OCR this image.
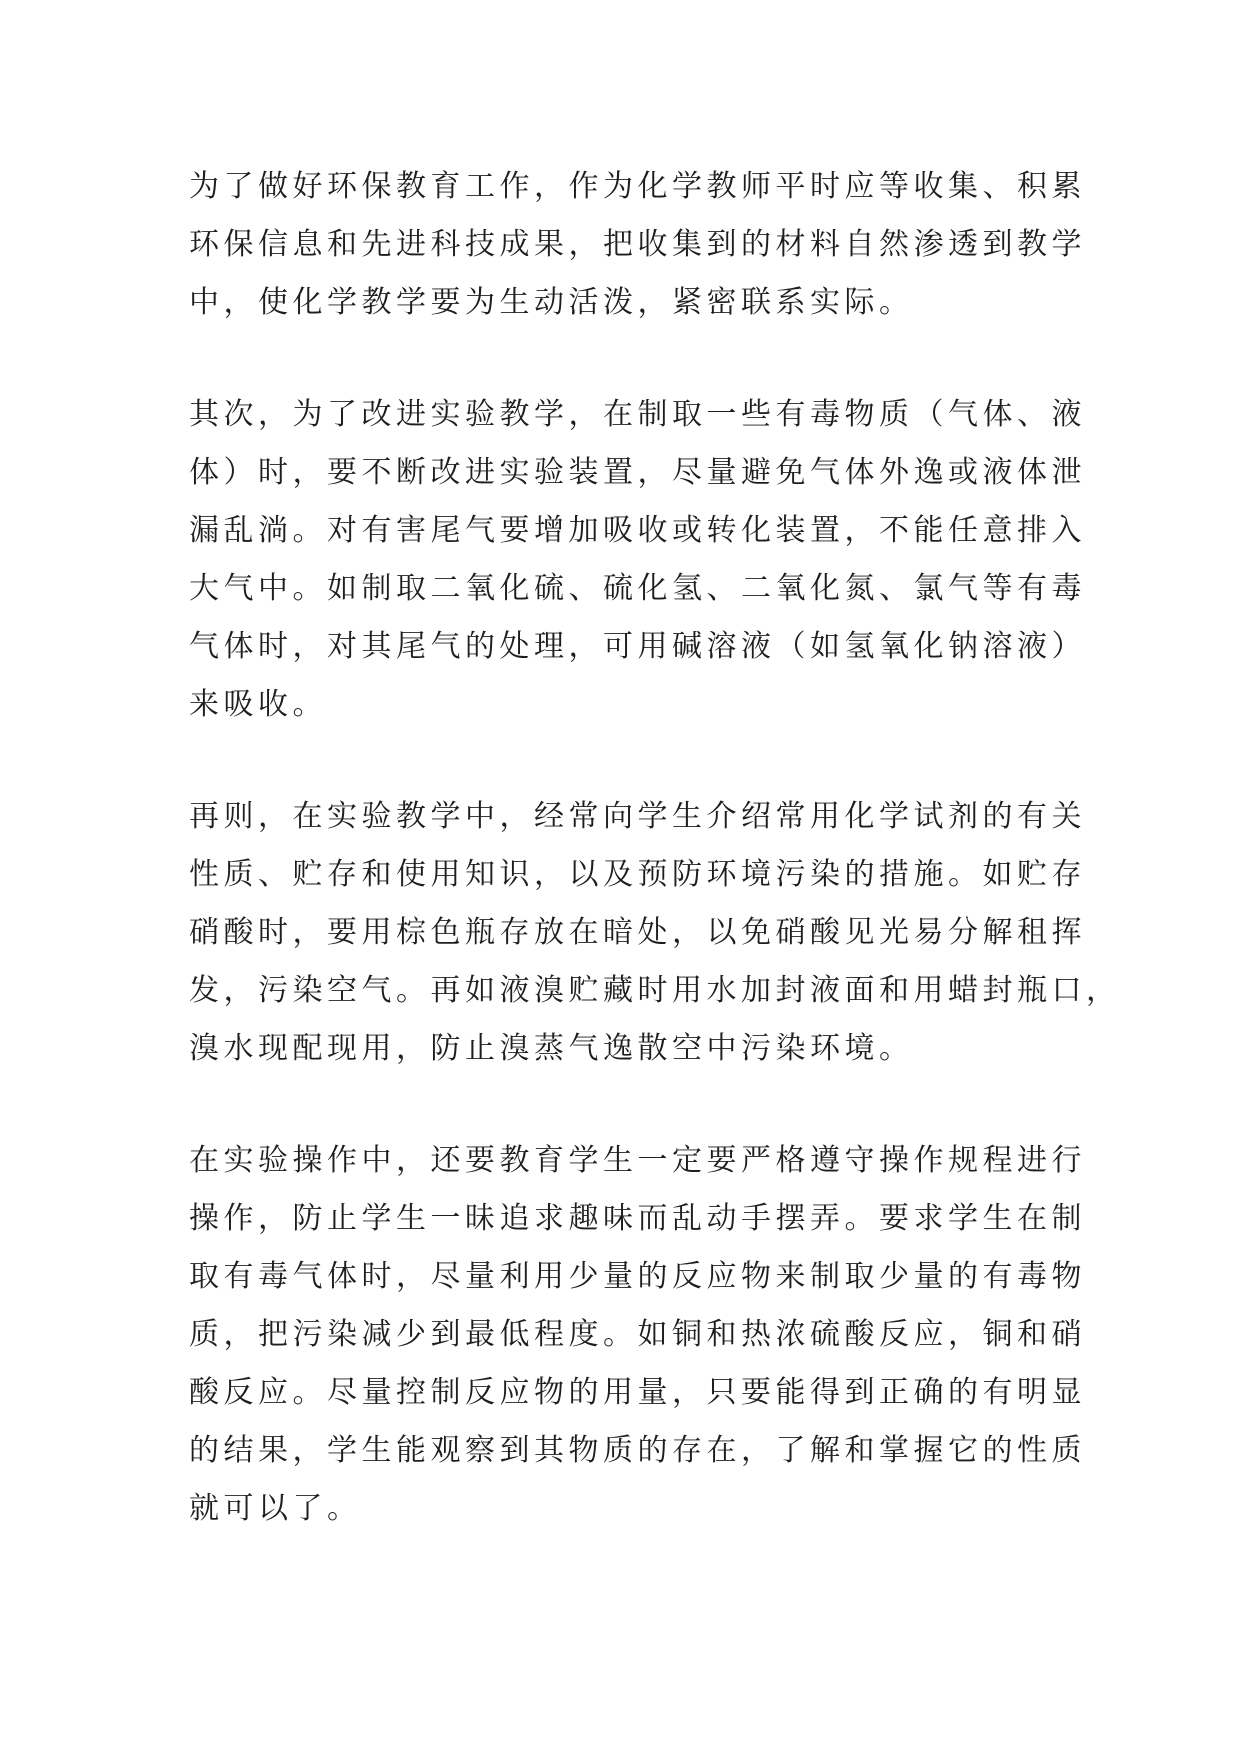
为了做好环保教育工作，作为化学教师平时应等收集、积累
环保信息和先进科技成果，把收集到的材料自然渗透到教学
中，使化学教学要为生动活泼，紧密联系实际。

其次，为了改进实验教学，在制取一些有毒物质（气体、液
体）时，要不断改进实验装置，尽量避免气体外逸或液体泄
漏乱淌。对有害尾气要增加吸收或转化装置，不能任意排入
大气中。如制取二氧化硫、硫化氢、二氧化氮、氯气等有毒
气体时，对其尾气的处理，可用碱溶液（如氢氧化钠溶液）
来吸收。

再则，在实验教学中，经常向学生介绍常用化学试剂的有关
性质、贮存和使用知识，以及预防环境污染的措施。如贮存
硝酸时，要用棕色瓶存放在暗处，以免硝酸见光易分解租挥
发，污染空气。再如液溴贮藏时用水加封液面和用蜡封瓶口，
溴水现配现用，防止溴蒸气逸散空中污染环境。

在实验操作中，还要教育学生一定要严格遵守操作规程进行
操作，防止学生一昧追求趣味而乱动手摆弄。要求学生在制
取有毒气体时，尽量利用少量的反应物来制取少量的有毒物
质，把污染减少到最低程度。如铜和热浓硫酸反应，铜和硝
酸反应。尽量控制反应物的用量，只要能得到正确的有明显
的结果，学生能观察到其物质的存在，了解和掌握它的性质
就可以了。
